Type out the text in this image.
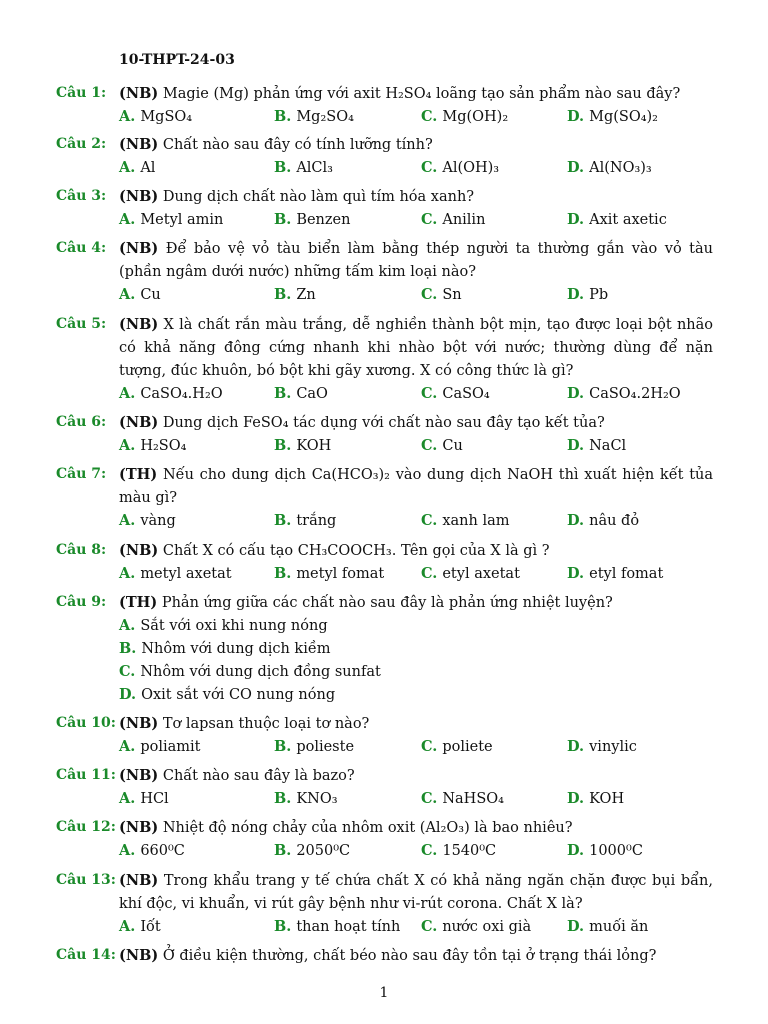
10-THPT-24-03
Câu 1: (NB) Magie (Mg) phản ứng với axit H₂SO₄ loãng tạo sản phẩm nào sau đây?
A. MgSO₄	B. Mg₂SO₄	C. Mg(OH)₂	D. Mg(SO₄)₂
Câu 2: (NB) Chất nào sau đây có tính lưỡng tính?
A. Al	B. AlCl₃	C. Al(OH)₃	D. Al(NO₃)₃
Câu 3: (NB) Dung dịch chất nào làm quì tím hóa xanh?
A. Metyl amin	B. Benzen	C. Anilin	D. Axit axetic
Câu 4: (NB) Để bảo vệ vỏ tàu biển làm bằng thép người ta thường gắn vào vỏ tàu (phần ngâm dưới nước) những tấm kim loại nào?
A. Cu	B. Zn	C. Sn	D. Pb
Câu 5: (NB) X là chất rắn màu trắng, dễ nghiền thành bột mịn, tạo được loại bột nhão có khả năng đông cứng nhanh khi nhào bột với nước; thường dùng để nặn tượng, đúc khuôn, bó bột khi gãy xương. X có công thức là gì?
A. CaSO₄.H₂O	B. CaO	C. CaSO₄	D. CaSO₄.2H₂O
Câu 6: (NB) Dung dịch FeSO₄ tác dụng với chất nào sau đây tạo kết tủa?
A. H₂SO₄	B. KOH	C. Cu	D. NaCl
Câu 7: (TH) Nếu cho dung dịch Ca(HCO₃)₂ vào dung dịch NaOH thì xuất hiện kết tủa màu gì?
A. vàng	B. trắng	C. xanh lam	D. nâu đỏ
Câu 8: (NB) Chất X có cấu tạo CH₃COOCH₃. Tên gọi của X là gì ?
A. metyl axetat	B. metyl fomat	C. etyl axetat	D. etyl fomat
Câu 9: (TH) Phản ứng giữa các chất nào sau đây là phản ứng nhiệt luyện?
A. Sắt với oxi khi nung nóng
B. Nhôm với dung dịch kiềm
C. Nhôm với dung dịch đồng sunfat
D. Oxit sắt với CO nung nóng
Câu 10: (NB) Tơ lapsan thuộc loại tơ nào?
A. poliamit	B. polieste	C. poliete	D. vinylic
Câu 11: (NB) Chất nào sau đây là bazo?
A. HCl	B. KNO₃	C. NaHSO₄	D. KOH
Câu 12: (NB) Nhiệt độ nóng chảy của nhôm oxit (Al₂O₃) là bao nhiêu?
A. 660⁰C	B. 2050⁰C	C. 1540⁰C	D. 1000⁰C
Câu 13: (NB) Trong khẩu trang y tế chứa chất X có khả năng ngăn chặn được bụi bẩn, khí độc, vi khuẩn, vi rút gây bệnh như vi-rút corona. Chất X là?
A. Iốt	B. than hoạt tính C. nước oxi già D. muối ăn
Câu 14: (NB) Ở điều kiện thường, chất béo nào sau đây tồn tại ở trạng thái lỏng?
1
